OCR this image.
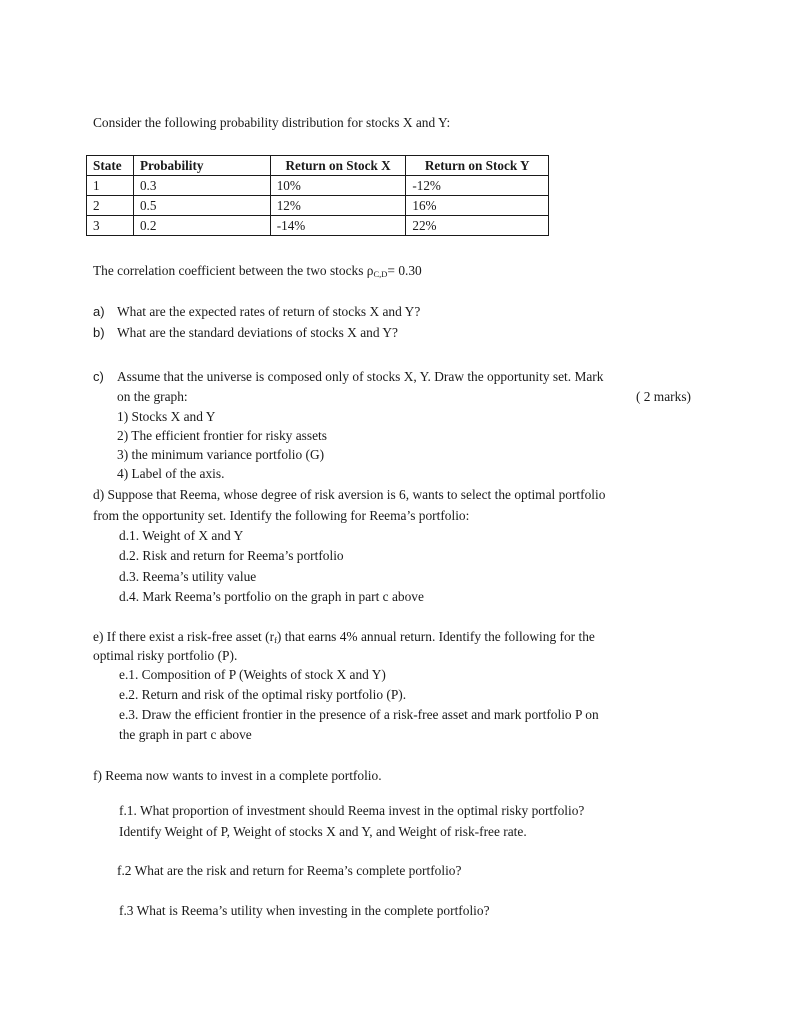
Consider the following probability distribution for stocks X and Y:
State	Probability	Return on Stock X	Return on Stock Y
1	0.3	10%	-12%
2	0.5	12%	16%
3	0.2	-14%	22%
The correlation coefficient between the two stocks $\rho_{C,D}= 0.30$
a) What are the expected rates of return of stocks X and Y?
b) What are the standard deviations of stocks X and Y?
c) Assume that the universe is composed only of stocks X, Y. Draw the opportunity set. Mark
on the graph:	( 2 marks)
1) Stocks X and Y
2) The efficient frontier for risky assets
3) the minimum variance portfolio (G)
4) Label of the axis.
d) Suppose that Reema, whose degree of risk aversion is 6, wants to select the optimal portfolio
from the opportunity set. Identify the following for Reema’s portfolio:
d.1. Weight of X and Y
d.2. Risk and return for Reema’s portfolio
d.3. Reema’s utility value
d.4. Mark Reema’s portfolio on the graph in part c above
e) If there exist a risk-free asset $(r_f)$ that earns 4% annual return. Identify the following for the
optimal risky portfolio (P).
e.1. Composition of P (Weights of stock X and Y)
e.2. Return and risk of the optimal risky portfolio (P).
e.3. Draw the efficient frontier in the presence of a risk-free asset and mark portfolio P on
the graph in part c above
f) Reema now wants to invest in a complete portfolio.
f.1. What proportion of investment should Reema invest in the optimal risky portfolio?
Identify Weight of P, Weight of stocks X and Y, and Weight of risk-free rate.
f.2 What are the risk and return for Reema’s complete portfolio?
f.3 What is Reema’s utility when investing in the complete portfolio?
